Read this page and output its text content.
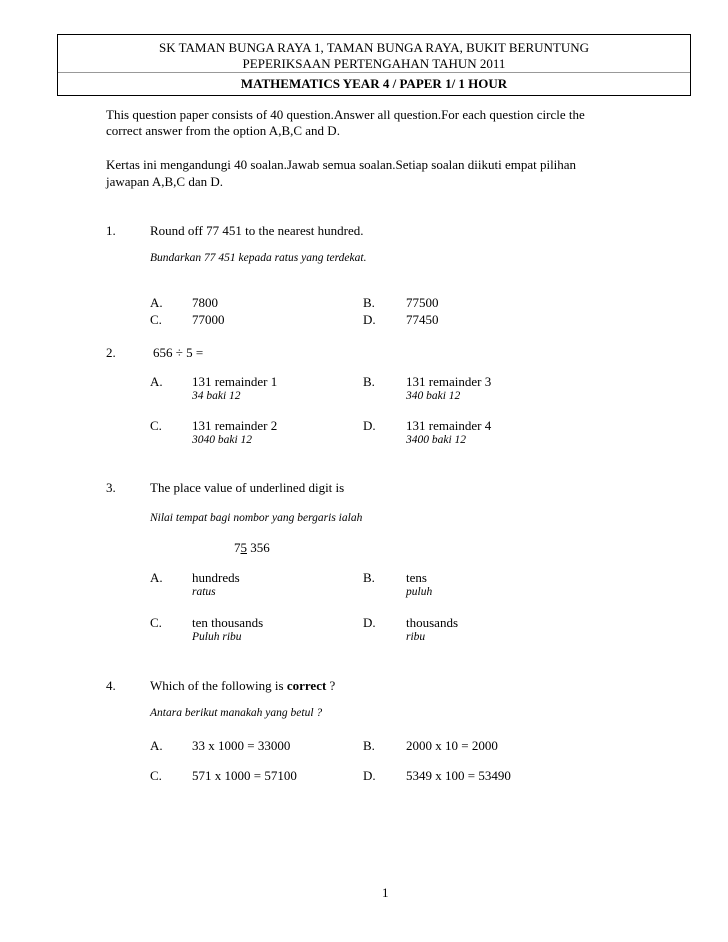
SK TAMAN BUNGA RAYA 1, TAMAN BUNGA RAYA, BUKIT BERUNTUNG
PEPERIKSAAN PERTENGAHAN TAHUN 2011
MATHEMATICS YEAR 4 / PAPER 1/ 1 HOUR
This question paper consists of 40 question.Answer all question.For each question circle the
correct answer from the option A,B,C and D.
Kertas ini mengandungi 40 soalan.Jawab semua soalan.Setiap soalan diikuti empat pilihan
jawapan A,B,C dan D.
1.	Round off 77 451 to the nearest hundred.
Bundarkan 77 451 kepada ratus yang terdekat.
A. 7800	B. 77500
C. 77000	D. 77450
2.	656 ÷ 5 =
A. 131 remainder 1
34 baki 12
B. 131 remainder 3
340 baki 12
C. 131 remainder 2
3040 baki 12
D. 131 remainder 4
3400 baki 12
3.	The place value of underlined digit is
Nilai tempat bagi nombor yang bergaris ialah
75 356
A. hundreds
ratus
B. tens
puluh
C. ten thousands
Puluh ribu
D. thousands
ribu
4.	Which of the following is correct ?
Antara berikut manakah yang betul ?
A. 33 x 1000 = 33000	B. 2000 x 10 = 2000
C. 571 x 1000 = 57100	D. 5349 x 100 = 53490
1
